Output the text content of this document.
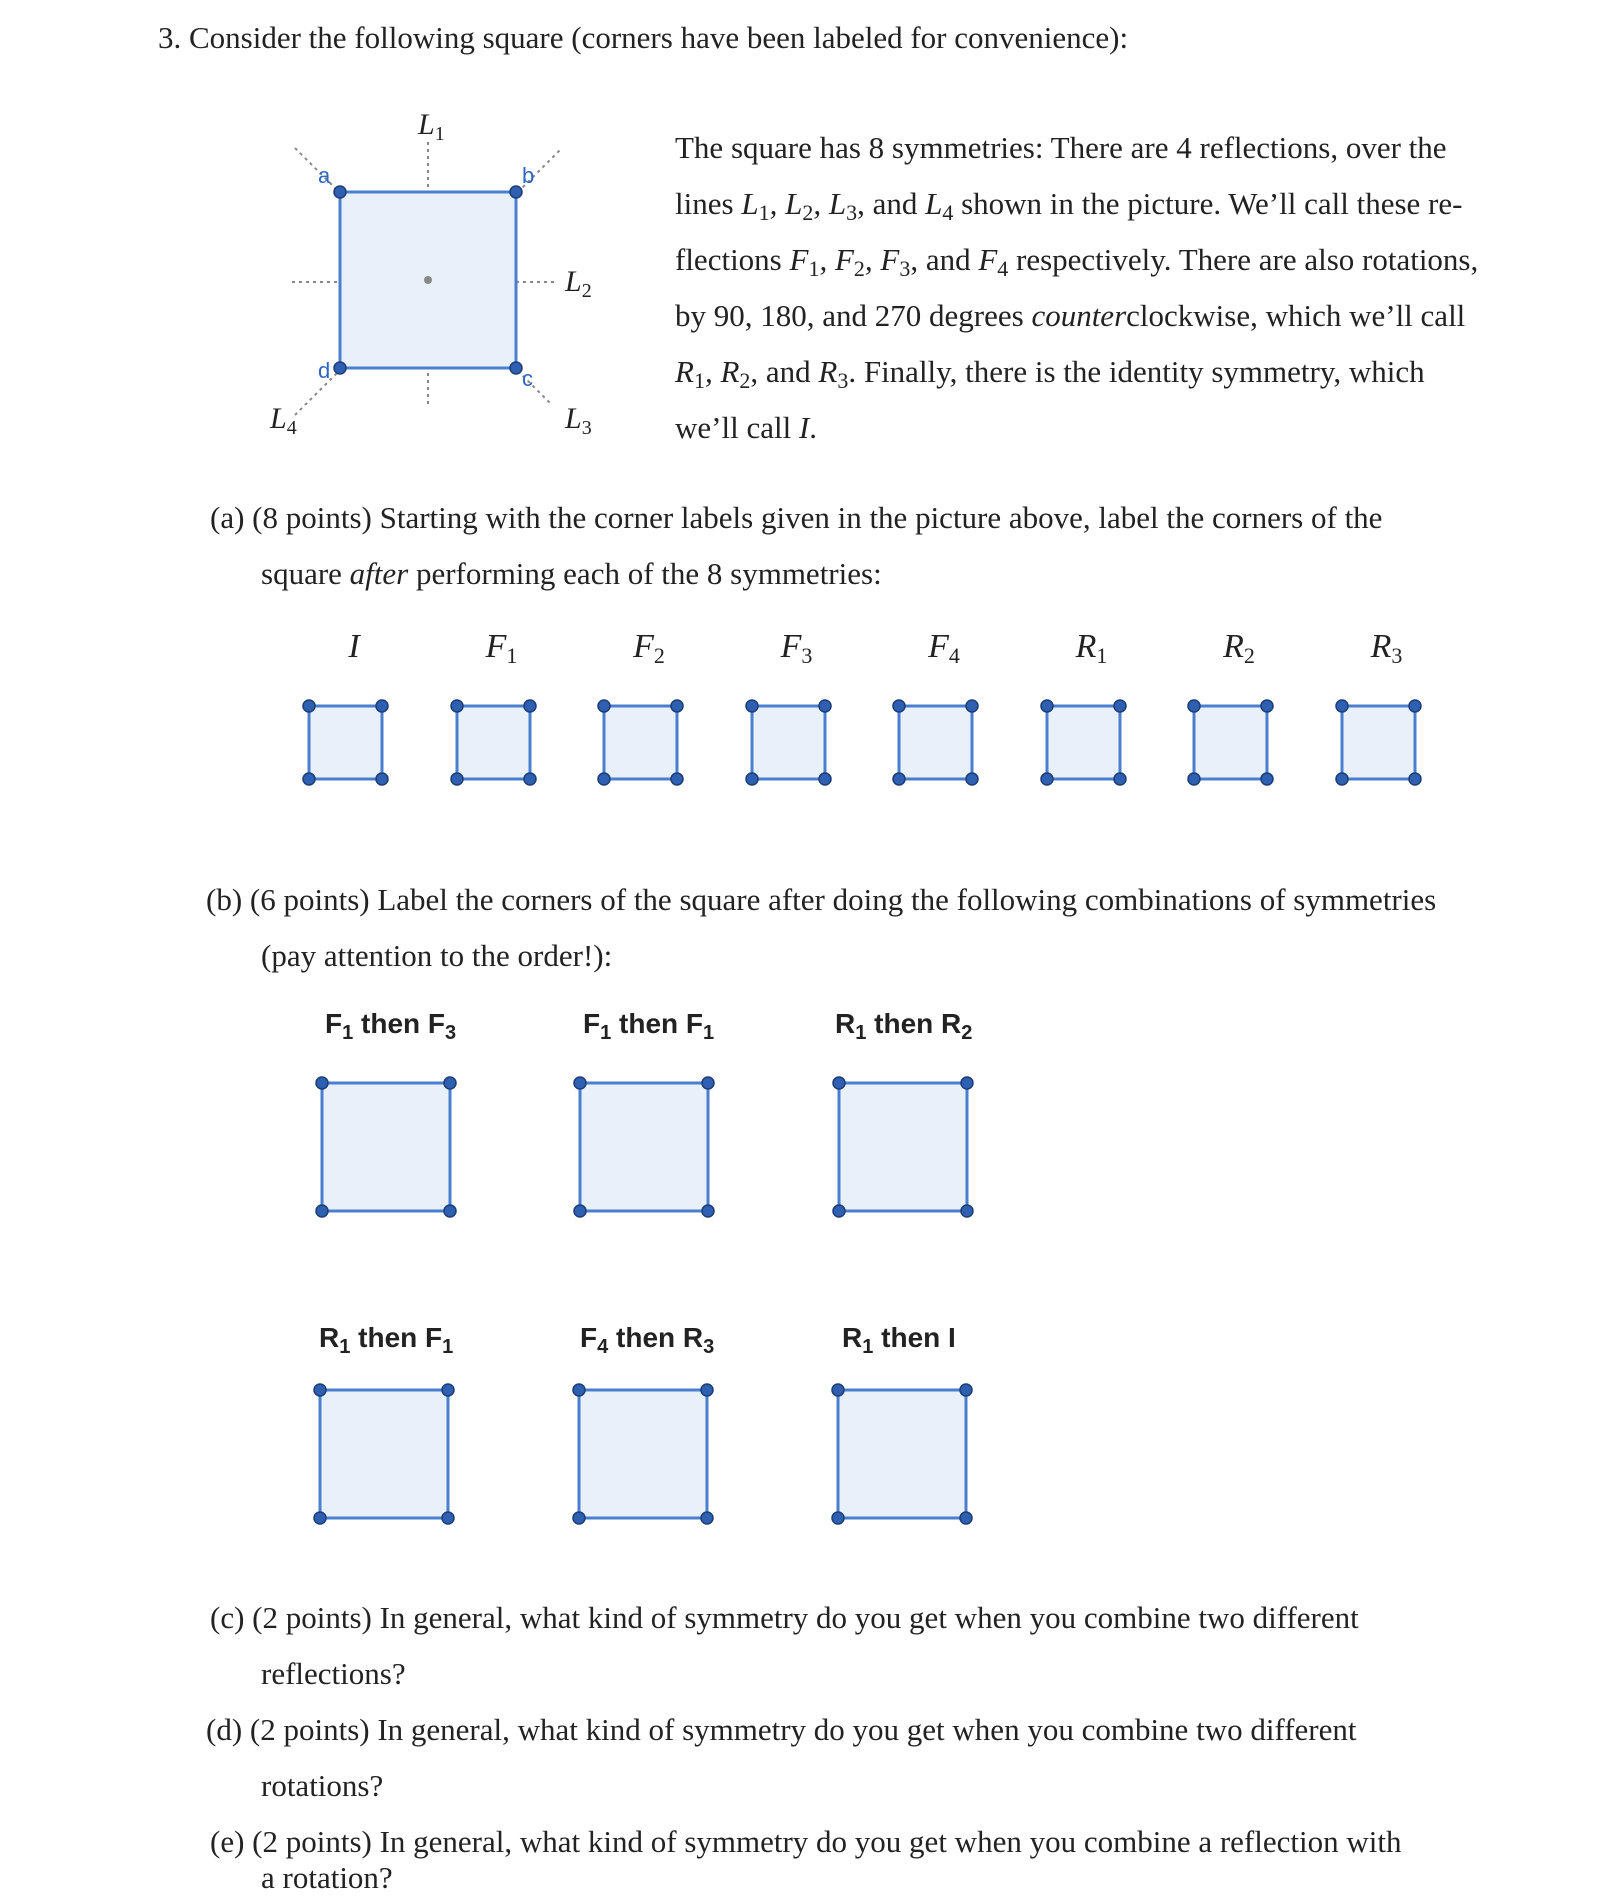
3. Consider the following square (corners have been labeled for convenience):
a	b
c
d
$L_1$
$L_2$
$L_3$
$L_4$
The square has 8 symmetries: There are 4 reflections, over the
lines $L_1$, $L_2$, $L_3$, and $L_4$ shown in the picture. We’ll call these re-
flections $F_1$, $F_2$, $F_3$, and $F_4$ respectively. There are also rotations,
by 90, 180, and 270 degrees counterclockwise, which we’ll call
$R_1$, $R_2$, and $R_3$. Finally, there is the identity symmetry, which
we’ll call I.
(a) (8 points) Starting with the corner labels given in the picture above, label the corners of the
square after performing each of the 8 symmetries:
(b) (6 points) Label the corners of the square after doing the following combinations of symmetries
(pay attention to the order!):
(c) (2 points) In general, what kind of symmetry do you get when you combine two different
reflections?
(d) (2 points) In general, what kind of symmetry do you get when you combine two different
rotations?
(e) (2 points) In general, what kind of symmetry do you get when you combine a reflection with
a rotation?
I	$F_1$	$F_2$	$F_3$	$F_4$	$R_1$	$R_2$	$R_3$
$F_1$ then $F_3$	$F_1$ then $F_1$	$R_1$ then $R_2$
$R_1$ then $F_1$	$F_4$ then $R_3$	$R_1$ then I
